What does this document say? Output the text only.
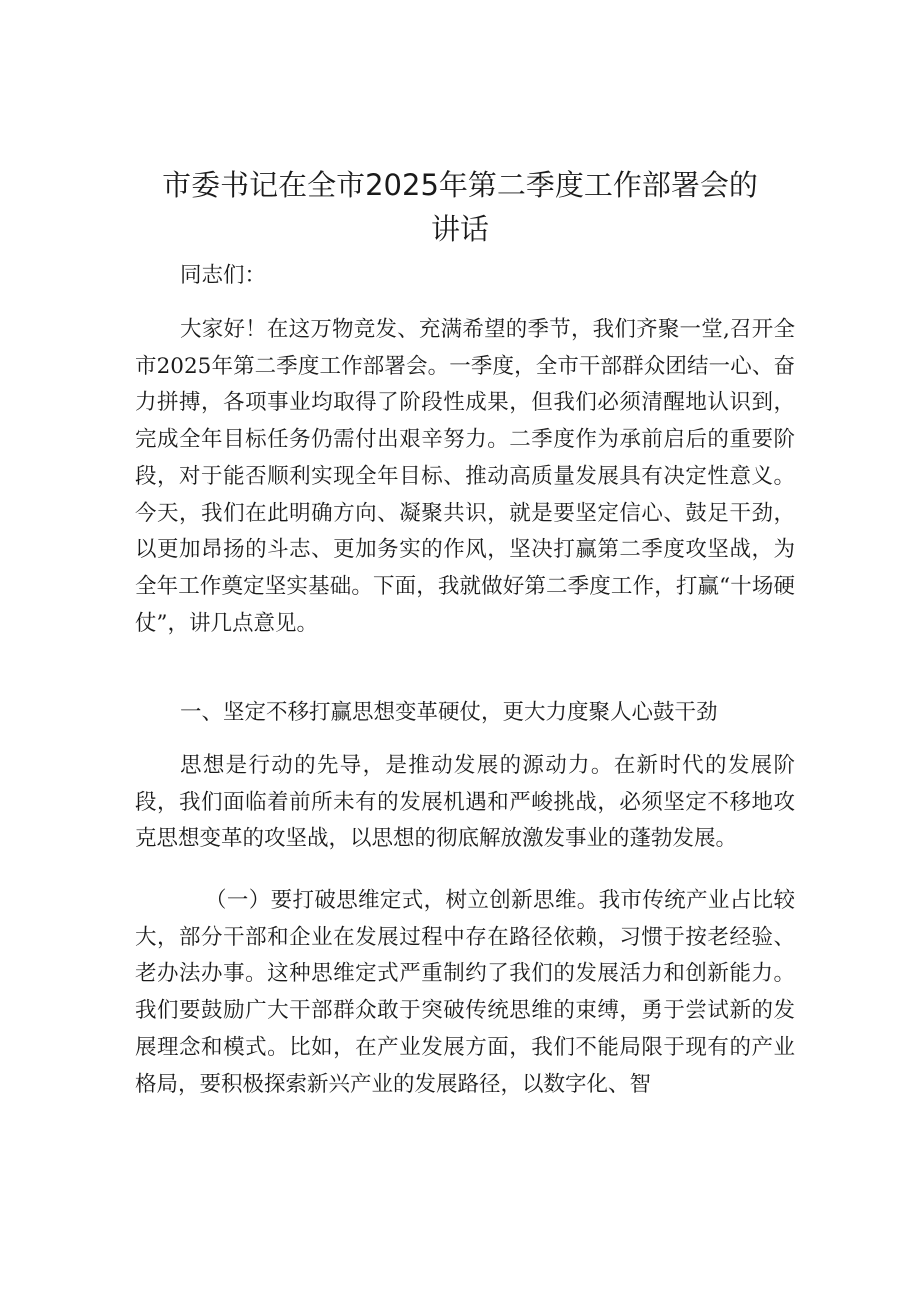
市委书记在全市2025年第二季度工作部署会的
讲话

同志们：

大家好！在这万物竞发、充满希望的季节，我们齐聚一堂,召开全市2025年第二季度工作部署会。一季度，全市干部群众团结一心、奋力拼搏，各项事业均取得了阶段性成果，但我们必须清醒地认识到，完成全年目标任务仍需付出艰辛努力。二季度作为承前启后的重要阶段，对于能否顺利实现全年目标、推动高质量发展具有决定性意义。今天，我们在此明确方向、凝聚共识，就是要坚定信心、鼓足干劲，以更加昂扬的斗志、更加务实的作风，坚决打赢第二季度攻坚战，为全年工作奠定坚实基础。下面，我就做好第二季度工作，打赢“十场硬仗”，讲几点意见。

一、坚定不移打赢思想变革硬仗，更大力度聚人心鼓干劲

思想是行动的先导，是推动发展的源动力。在新时代的发展阶段，我们面临着前所未有的发展机遇和严峻挑战，必须坚定不移地攻克思想变革的攻坚战，以思想的彻底解放激发事业的蓬勃发展。

（一）要打破思维定式，树立创新思维。我市传统产业占比较大，部分干部和企业在发展过程中存在路径依赖，习惯于按老经验、老办法办事。这种思维定式严重制约了我们的发展活力和创新能力。我们要鼓励广大干部群众敢于突破传统思维的束缚，勇于尝试新的发展理念和模式。比如，在产业发展方面，我们不能局限于现有的产业格局，要积极探索新兴产业的发展路径，以数字化、智
